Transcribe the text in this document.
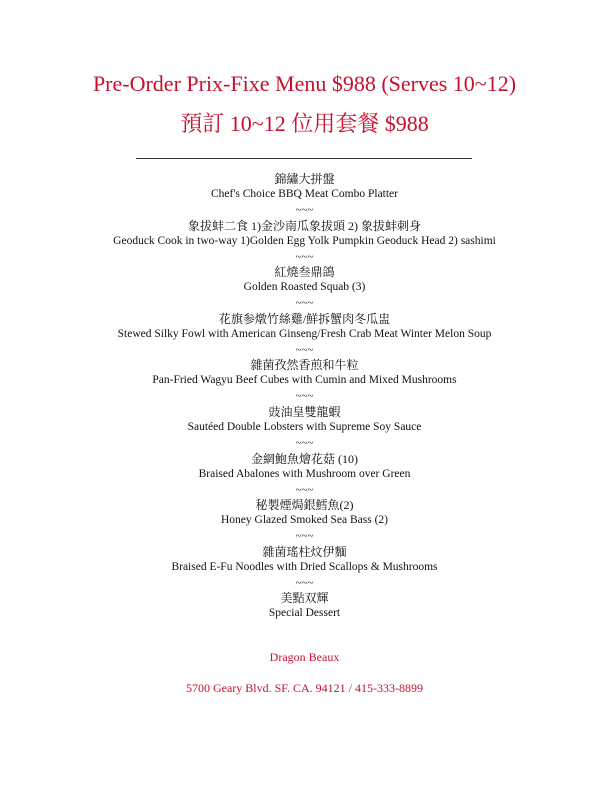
Pre-Order Prix-Fixe Menu $988 (Serves 10~12)
預訂 10~12 位用套餐 $988
錦繡大拼盤
Chef's Choice BBQ Meat Combo Platter
~~~
象拔蚌二食 1)金沙南瓜象拔頭 2) 象拔蚌刺身
Geoduck Cook in two-way 1)Golden Egg Yolk Pumpkin Geoduck Head 2) sashimi
~~~
紅燒叁鼎鴿
Golden Roasted Squab (3)
~~~
花旗参燉竹絲雞/鮮拆蟹肉冬瓜盅
Stewed Silky Fowl with American Ginseng/Fresh Crab Meat Winter Melon Soup
~~~
雜菌孜然香煎和牛粒
Pan-Fried Wagyu Beef Cubes with Cumin and Mixed Mushrooms
~~~
豉油皇雙龍蝦
Sautéed Double Lobsters with Supreme Soy Sauce
~~~
金網鮑魚燴花菇 (10)
Braised Abalones with Mushroom over Green
~~~
秘製煙焗銀鱈魚(2)
Honey Glazed Smoked Sea Bass (2)
~~~
雜菌瑤柱炆伊麵
Braised E-Fu Noodles with Dried Scallops & Mushrooms
~~~
美點双輝
Special Dessert
Dragon Beaux
5700 Geary Blvd. SF. CA. 94121 / 415-333-8899
